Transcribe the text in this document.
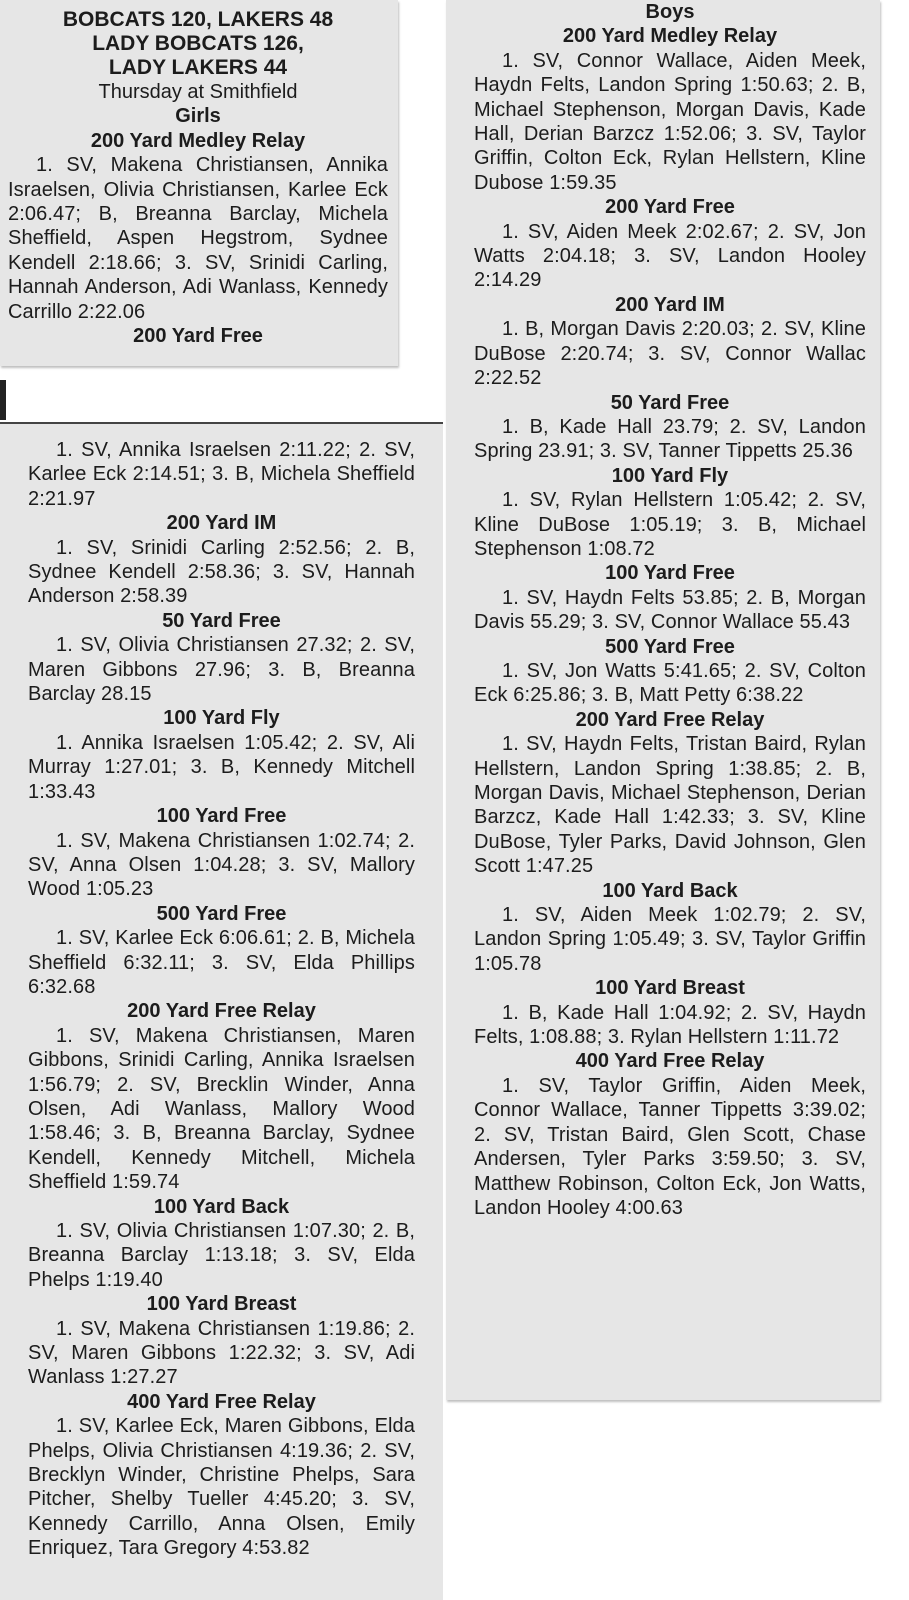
BOBCATS 120, LAKERS 48

LADY BOBCATS 126,

LADY LAKERS 44

Thursday at Smithfield

Girls

200 Yard Medley Relay

1. SV, Makena Christiansen, Annika Israelsen, Olivia Christiansen, Karlee Eck 2:06.47; B, Breanna Barclay, Michela Sheffield, Aspen Hegstrom, Sydnee Kendell 2:18.66; 3. SV, Srinidi Carling, Hannah Anderson, Adi Wanlass, Kennedy Carrillo 2:22.06

200 Yard Free

1. SV, Annika Israelsen 2:11.22; 2. SV, Karlee Eck 2:14.51; 3. B, Michela Sheffield 2:21.97

200 Yard IM

1. SV, Srinidi Carling 2:52.56; 2. B, Sydnee Kendell 2:58.36; 3. SV, Hannah Anderson 2:58.39

50 Yard Free

1. SV, Olivia Christiansen 27.32; 2. SV, Maren Gibbons 27.96; 3. B, Breanna Barclay 28.15

100 Yard Fly

1. Annika Israelsen 1:05.42; 2. SV, Ali Murray 1:27.01; 3. B, Kennedy Mitchell 1:33.43

100 Yard Free

1. SV, Makena Christiansen 1:02.74; 2. SV, Anna Olsen 1:04.28; 3. SV, Mallory Wood 1:05.23

500 Yard Free

1. SV, Karlee Eck 6:06.61; 2. B, Michela Sheffield 6:32.11; 3. SV, Elda Phillips 6:32.68

200 Yard Free Relay

1. SV, Makena Christiansen, Maren Gibbons, Srinidi Carling, Annika Israelsen 1:56.79; 2. SV, Brecklin Winder, Anna Olsen, Adi Wanlass, Mallory Wood 1:58.46; 3. B, Breanna Barclay, Sydnee Kendell, Kennedy Mitchell, Michela Sheffield 1:59.74

100 Yard Back

1. SV, Olivia Christiansen 1:07.30; 2. B, Breanna Barclay 1:13.18; 3. SV, Elda Phelps 1:19.40

100 Yard Breast

1. SV, Makena Christiansen 1:19.86; 2. SV, Maren Gibbons 1:22.32; 3. SV, Adi Wanlass 1:27.27

400 Yard Free Relay

1. SV, Karlee Eck, Maren Gibbons, Elda Phelps, Olivia Christiansen 4:19.36; 2. SV, Brecklyn Winder, Christine Phelps, Sara Pitcher, Shelby Tueller 4:45.20; 3. SV, Kennedy Carrillo, Anna Olsen, Emily Enriquez, Tara Gregory 4:53.82

Boys

200 Yard Medley Relay

1. SV, Connor Wallace, Aiden Meek, Haydn Felts, Landon Spring 1:50.63; 2. B, Michael Stephenson, Morgan Davis, Kade Hall, Derian Barzcz 1:52.06; 3. SV, Taylor Griffin, Colton Eck, Rylan Hellstern, Kline Dubose 1:59.35

200 Yard Free

1. SV, Aiden Meek 2:02.67; 2. SV, Jon Watts 2:04.18; 3. SV, Landon Hooley 2:14.29

200 Yard IM

1. B, Morgan Davis 2:20.03; 2. SV, Kline DuBose 2:20.74; 3. SV, Connor Wallac 2:22.52

50 Yard Free

1. B, Kade Hall 23.79; 2. SV, Landon Spring 23.91; 3. SV, Tanner Tippetts 25.36

100 Yard Fly

1. SV, Rylan Hellstern 1:05.42; 2. SV, Kline DuBose 1:05.19; 3. B, Michael Stephenson 1:08.72

100 Yard Free

1. SV, Haydn Felts 53.85; 2. B, Morgan Davis 55.29; 3. SV, Connor Wallace 55.43

500 Yard Free

1. SV, Jon Watts 5:41.65; 2. SV, Colton Eck 6:25.86; 3. B, Matt Petty 6:38.22

200 Yard Free Relay

1. SV, Haydn Felts, Tristan Baird, Rylan Hellstern, Landon Spring 1:38.85; 2. B, Morgan Davis, Michael Stephenson, Derian Barzcz, Kade Hall 1:42.33; 3. SV, Kline DuBose, Tyler Parks, David Johnson, Glen Scott 1:47.25

100 Yard Back

1. SV, Aiden Meek 1:02.79; 2. SV, Landon Spring 1:05.49; 3. SV, Taylor Griffin 1:05.78

100 Yard Breast

1. B, Kade Hall 1:04.92; 2. SV, Haydn Felts, 1:08.88; 3. Rylan Hellstern 1:11.72

400 Yard Free Relay

1. SV, Taylor Griffin, Aiden Meek, Connor Wallace, Tanner Tippetts 3:39.02; 2. SV, Tristan Baird, Glen Scott, Chase Andersen, Tyler Parks 3:59.50; 3. SV, Matthew Robinson, Colton Eck, Jon Watts, Landon Hooley 4:00.63
